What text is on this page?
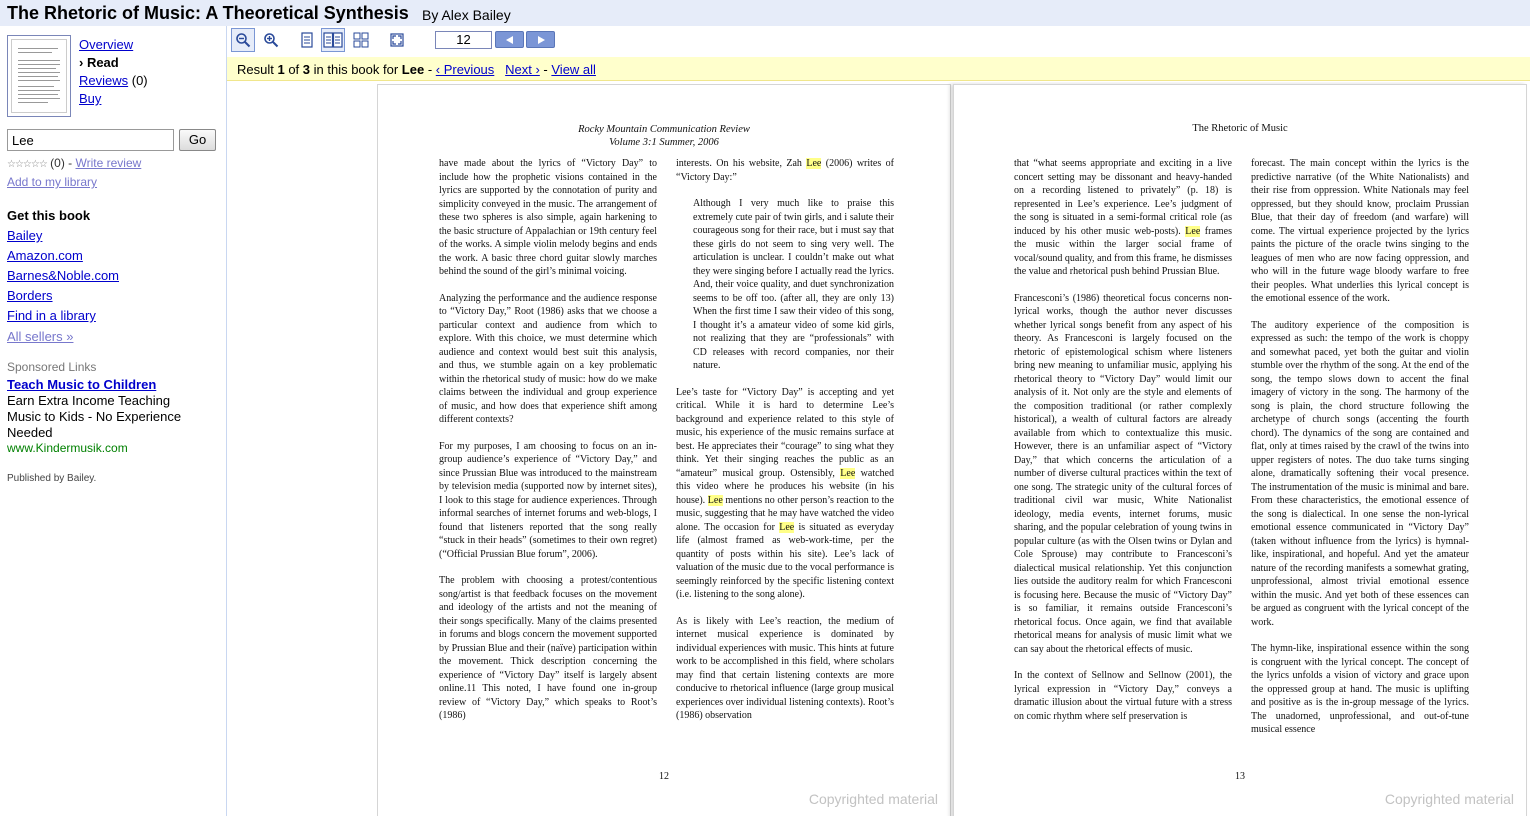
The Rhetoric of Music: A Theoretical Synthesis By Alex Bailey
Overview
› Read
Reviews (0)
Buy
Lee
Go
☆☆☆☆☆ (0) - Write review
Add to my library
Get this book
Bailey
Amazon.com
Barnes&Noble.com
Borders
Find in a library
All sellers »
Sponsored Links
Teach Music to Children
Earn Extra Income Teaching Music to Kids - No Experience Needed
www.Kindermusik.com
Published by Bailey.
12
Result 1 of 3 in this book for Lee - ‹ Previous Next › - View all
Rocky Mountain Communication Review
Volume 3:1 Summer, 2006

have made about the lyrics of “Victory Day” to include how the prophetic visions contained in the lyrics are supported by the connotation of purity and simplicity conveyed in the music. The arrangement of these two spheres is also simple, again harkening to the basic structure of Appalachian or 19th century feel of the works. A simple violin melody begins and ends the work. A basic three chord guitar slowly marches behind the sound of the girl’s minimal voicing.

Analyzing the performance and the audience response to “Victory Day,” Root (1986) asks that we choose a particular context and audience from which to explore. With this choice, we must determine which audience and context would best suit this analysis, and thus, we stumble again on a key problematic within the rhetorical study of music: how do we make claims between the individual and group experience of music, and how does that experience shift among different contexts?

For my purposes, I am choosing to focus on an in-group audience’s experience of “Victory Day,” and since Prussian Blue was introduced to the mainstream by television media (supported now by internet sites), I look to this stage for audience experiences. Through informal searches of internet forums and web-blogs, I found that listeners reported that the song really “stuck in their heads” (sometimes to their own regret) (“Official Prussian Blue forum”, 2006).

The problem with choosing a protest/contentious song/artist is that feedback focuses on the movement and ideology of the artists and not the meaning of their songs specifically. Many of the claims presented in forums and blogs concern the movement supported by Prussian Blue and their (naïve) participation within the movement. Thick description concerning the experience of “Victory Day” itself is largely absent online.11 This noted, I have found one in-group review of “Victory Day,” which speaks to Root’s (1986)

interests. On his website, Zah Lee (2006) writes of “Victory Day:”

Although I very much like to praise this extremely cute pair of twin girls, and i salute their courageous song for their race, but i must say that these girls do not seem to sing very well. The articulation is unclear. I couldn’t make out what they were singing before I actually read the lyrics. And, their voice quality, and duet synchronization seems to be off too. (after all, they are only 13) When the first time I saw their video of this song, I thought it’s a amateur video of some kid girls, not realizing that they are “professionals” with CD releases with record companies, nor their nature.

Lee’s taste for “Victory Day” is accepting and yet critical. While it is hard to determine Lee’s background and experience related to this style of music, his experience of the music remains surface at best. He appreciates their “courage” to sing what they think. Yet their singing reaches the public as an “amateur” musical group. Ostensibly, Lee watched this video where he produces his website (in his house). Lee mentions no other person’s reaction to the music, suggesting that he may have watched the video alone. The occasion for Lee is situated as everyday life (almost framed as web-work-time, per the quantity of posts within his site). Lee’s lack of valuation of the music due to the vocal performance is seemingly reinforced by the specific listening context (i.e. listening to the song alone).

As is likely with Lee’s reaction, the medium of internet musical experience is dominated by individual experiences with music. This hints at future work to be accomplished in this field, where scholars may find that certain listening contexts are more conducive to rhetorical influence (large group musical experiences over individual listening contexts). Root’s (1986) observation

12
Copyrighted material
The Rhetoric of Music

that “what seems appropriate and exciting in a live concert setting may be dissonant and heavy-handed on a recording listened to privately” (p. 18) is represented in Lee’s experience. Lee’s judgment of the song is situated in a semi-formal critical role (as induced by his other music web-posts). Lee frames the music within the larger social frame of vocal/sound quality, and from this frame, he dismisses the value and rhetorical push behind Prussian Blue.

Francesconi’s (1986) theoretical focus concerns non-lyrical works, though the author never discusses whether lyrical songs benefit from any aspect of his theory. As Francesconi is largely focused on the rhetoric of epistemological schism where listeners bring new meaning to unfamiliar music, applying his rhetorical theory to “Victory Day” would limit our analysis of it. Not only are the style and elements of the composition traditional (or rather complexly historical), a wealth of cultural factors are already available from which to contextualize this music. However, there is an unfamiliar aspect of “Victory Day,” that which concerns the articulation of a number of diverse cultural practices within the text of one song. The strategic unity of the cultural forces of traditional civil war music, White Nationalist ideology, media events, internet forums, music sharing, and the popular celebration of young twins in popular culture (as with the Olsen twins or Dylan and Cole Sprouse) may contribute to Francesconi’s dialectical musical relationship. Yet this conjunction lies outside the auditory realm for which Francesconi is focusing here. Because the music of “Victory Day” is so familiar, it remains outside Francesconi’s rhetorical focus. Once again, we find that available rhetorical means for analysis of music limit what we can say about the rhetorical effects of music.

In the context of Sellnow and Sellnow (2001), the lyrical expression in “Victory Day,” conveys a dramatic illusion about the virtual future with a stress on comic rhythm where self preservation is

forecast. The main concept within the lyrics is the predictive narrative (of the White Nationalists) and their rise from oppression. White Nationals may feel oppressed, but they should know, proclaim Prussian Blue, that their day of freedom (and warfare) will come. The virtual experience projected by the lyrics paints the picture of the oracle twins singing to the leagues of men who are now facing oppression, and who will in the future wage bloody warfare to free their peoples. What underlies this lyrical concept is the emotional essence of the work.

The auditory experience of the composition is expressed as such: the tempo of the work is choppy and somewhat paced, yet both the guitar and violin stumble over the rhythm of the song. At the end of the song, the tempo slows down to accent the final imagery of victory in the song. The harmony of the song is plain, the chord structure following the archetype of church songs (accenting the fourth chord). The dynamics of the song are contained and flat, only at times raised by the crawl of the twins into upper registers of notes. The duo take turns singing alone, dramatically softening their vocal presence. The instrumentation of the music is minimal and bare. From these characteristics, the emotional essence of the song is dialectical. In one sense the non-lyrical emotional essence communicated in “Victory Day” (taken without influence from the lyrics) is hymnal-like, inspirational, and hopeful. And yet the amateur nature of the recording manifests a somewhat grating, unprofessional, almost trivial emotional essence within the music. And yet both of these essences can be argued as congruent with the lyrical concept of the work.

The hymn-like, inspirational essence within the song is congruent with the lyrical concept. The concept of the lyrics unfolds a vision of victory and grace upon the oppressed group at hand. The music is uplifting and positive as is the in-group message of the lyrics. The unadorned, unprofessional, and out-of-tune musical essence

13
Copyrighted material
